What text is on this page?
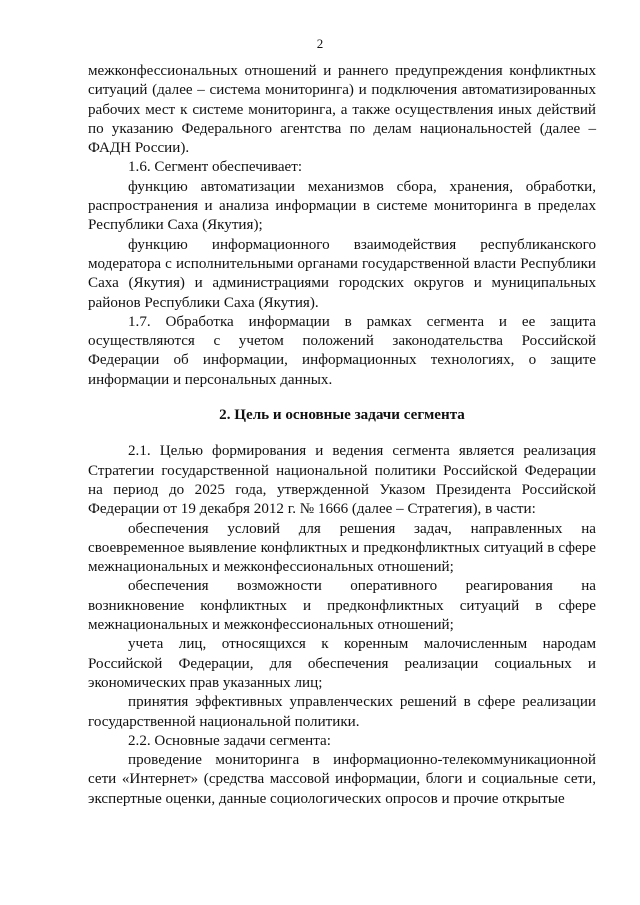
2

межконфессиональных отношений и раннего предупреждения конфликтных ситуаций (далее – система мониторинга) и подключения автоматизированных рабочих мест к системе мониторинга, а также осуществления иных действий по указанию Федерального агентства по делам национальностей (далее – ФАДН России).

1.6. Сегмент обеспечивает:

функцию автоматизации механизмов сбора, хранения, обработки, распространения и анализа информации в системе мониторинга в пределах Республики Саха (Якутия);

функцию информационного взаимодействия республиканского модератора с исполнительными органами государственной власти Республики Саха (Якутия) и администрациями городских округов и муниципальных районов Республики Саха (Якутия).

1.7. Обработка информации в рамках сегмента и ее защита осуществляются с учетом положений законодательства Российской Федерации об информации, информационных технологиях, о защите информации и персональных данных.

2. Цель и основные задачи сегмента

2.1. Целью формирования и ведения сегмента является реализация Стратегии государственной национальной политики Российской Федерации на период до 2025 года, утвержденной Указом Президента Российской Федерации от 19 декабря 2012 г. № 1666 (далее – Стратегия), в части:

обеспечения условий для решения задач, направленных на своевременное выявление конфликтных и предконфликтных ситуаций в сфере межнациональных и межконфессиональных отношений;

обеспечения возможности оперативного реагирования на возникновение конфликтных и предконфликтных ситуаций в сфере межнациональных и межконфессиональных отношений;

учета лиц, относящихся к коренным малочисленным народам Российской Федерации, для обеспечения реализации социальных и экономических прав указанных лиц;

принятия эффективных управленческих решений в сфере реализации государственной национальной политики.

2.2. Основные задачи сегмента:

проведение мониторинга в информационно-телекоммуникационной сети «Интернет» (средства массовой информации, блоги и социальные сети, экспертные оценки, данные социологических опросов и прочие открытые
